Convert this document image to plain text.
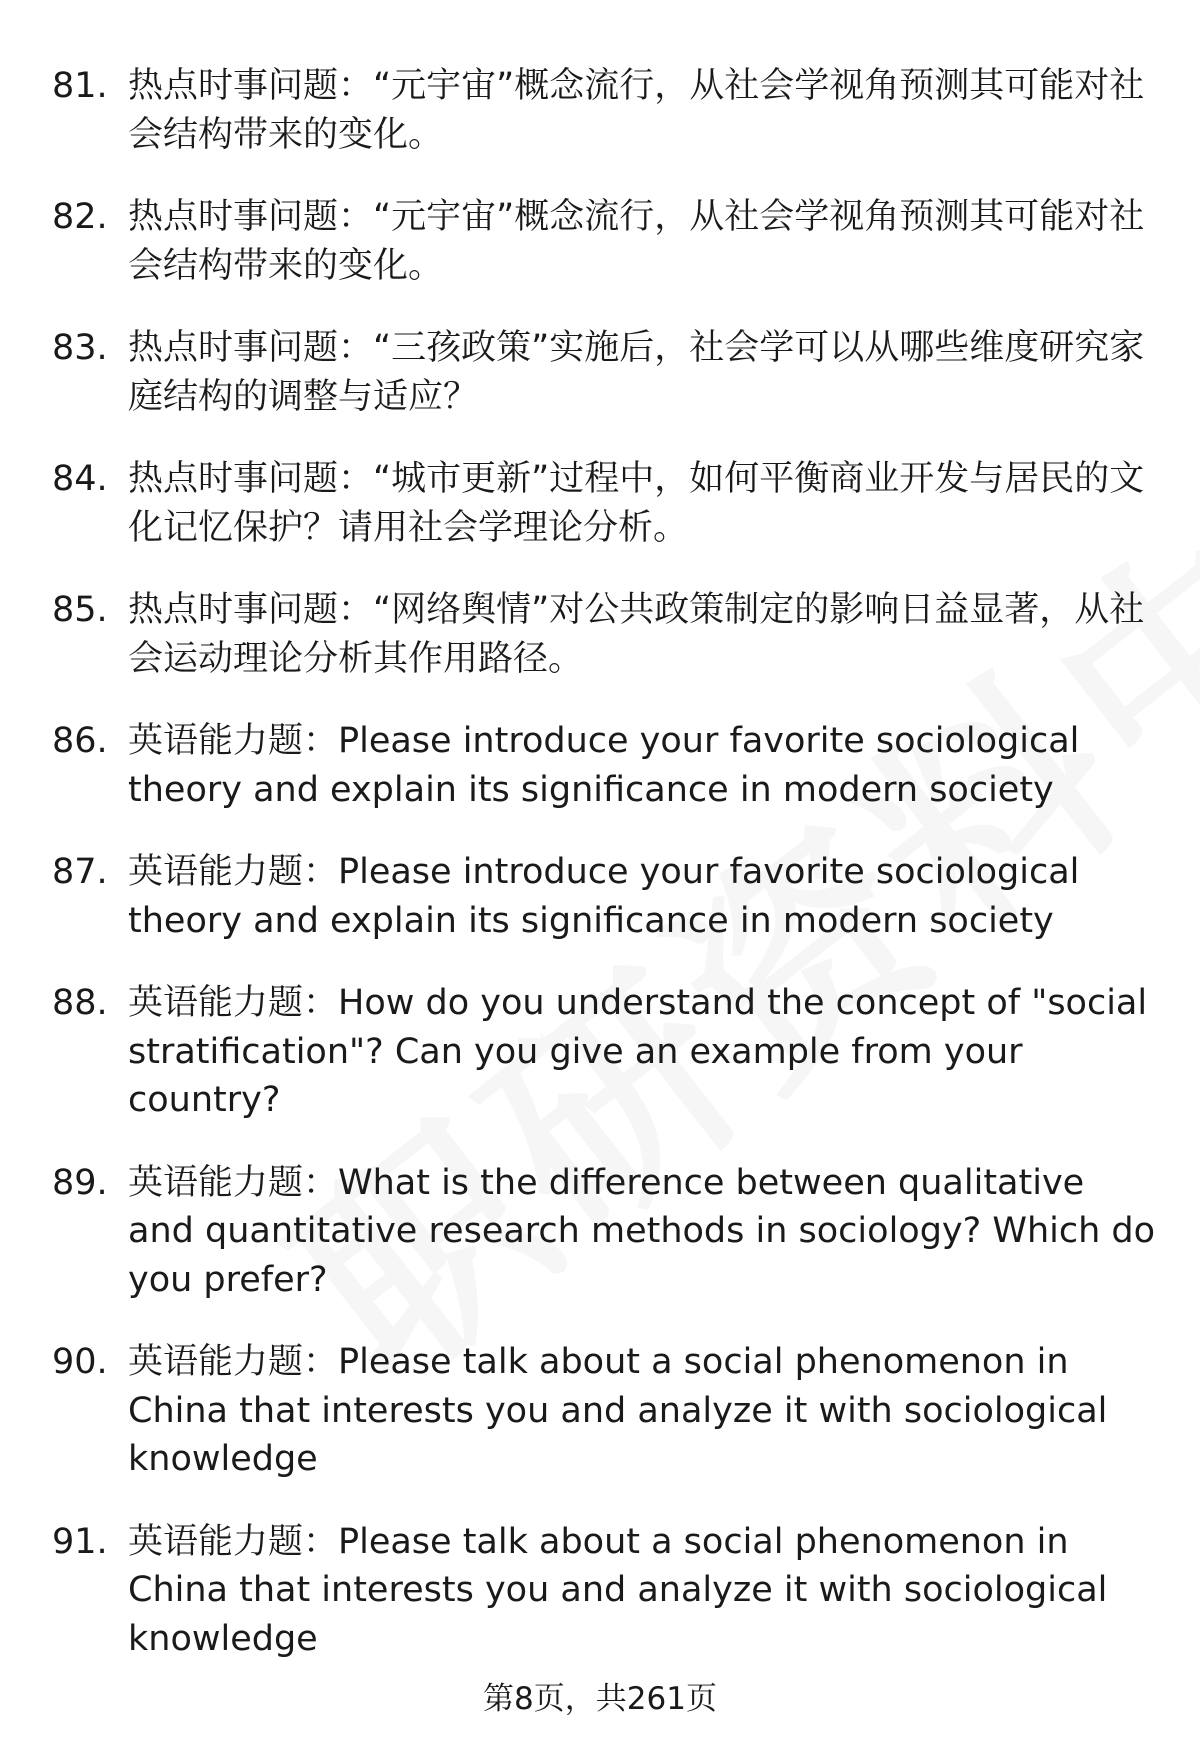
81. 热点时事问题：“元宇宙”概念流行，从社会学视角预测其可能对社会结构带来的变化。
82. 热点时事问题：“元宇宙”概念流行，从社会学视角预测其可能对社会结构带来的变化。
83. 热点时事问题：“三孩政策”实施后，社会学可以从哪些维度研究家庭结构的调整与适应？
84. 热点时事问题：“城市更新”过程中，如何平衡商业开发与居民的文化记忆保护？请用社会学理论分析。
85. 热点时事问题：“网络舆情”对公共政策制定的影响日益显著，从社会运动理论分析其作用路径。
86. 英语能力题：Please introduce your favorite sociological theory and explain its significance in modern society
87. 英语能力题：Please introduce your favorite sociological theory and explain its significance in modern society
88. 英语能力题：How do you understand the concept of "social stratification"? Can you give an example from your country?
89. 英语能力题：What is the difference between qualitative and quantitative research methods in sociology? Which do you prefer?
90. 英语能力题：Please talk about a social phenomenon in China that interests you and analyze it with sociological knowledge
91. 英语能力题：Please talk about a social phenomenon in China that interests you and analyze it with sociological knowledge
第8页，共261页
